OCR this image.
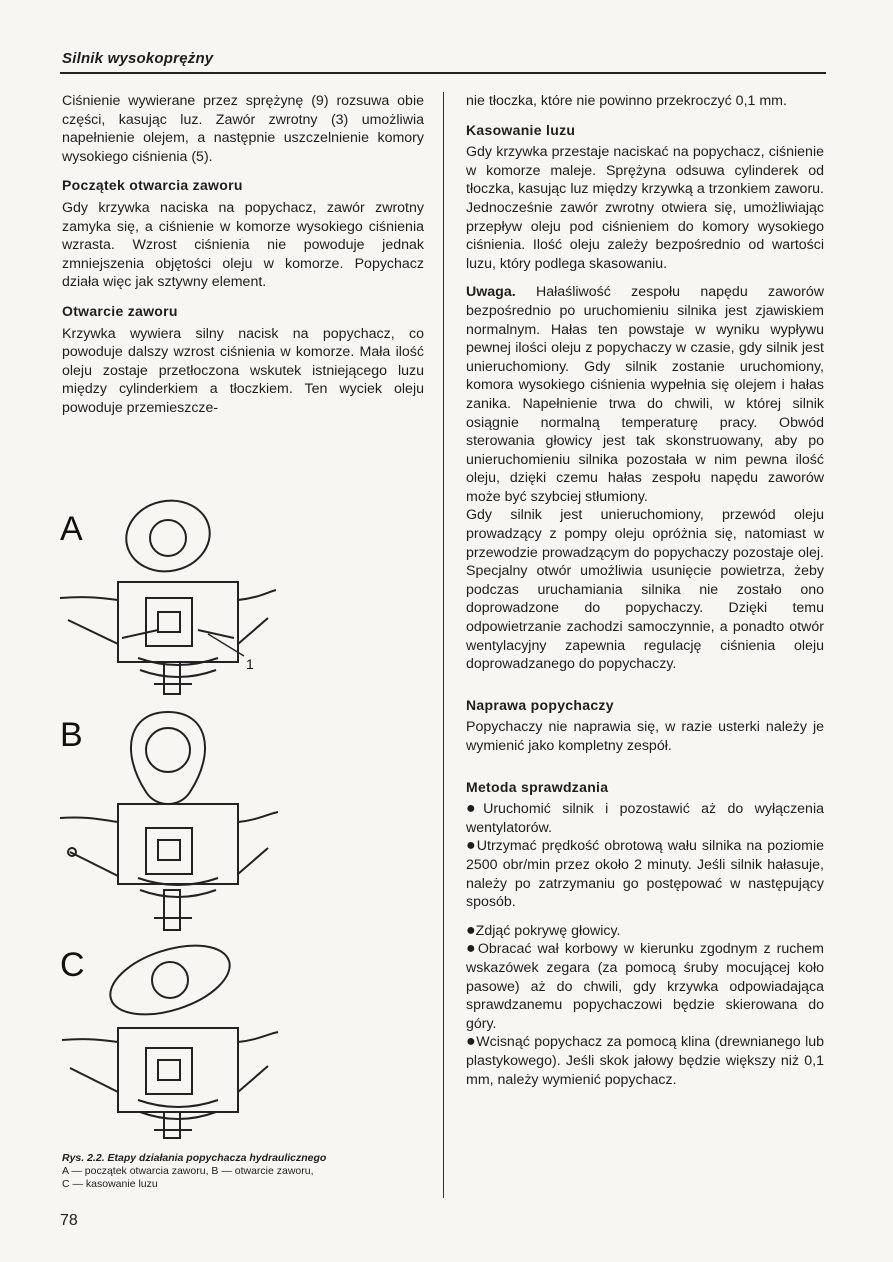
Silnik wysokoprężny

Ciśnienie wywierane przez sprężynę (9) rozsuwa obie części, kasując luz. Zawór zwrotny (3) umożliwia napełnienie olejem, a następnie uszczelnienie komory wysokiego ciśnienia (5).

Początek otwarcia zaworu

Gdy krzywka naciska na popychacz, zawór zwrotny zamyka się, a ciśnienie w komorze wysokiego ciśnienia wzrasta. Wzrost ciśnienia nie powoduje jednak zmniejszenia objętości oleju w komorze. Popychacz działa więc jak sztywny element.

Otwarcie zaworu

Krzywka wywiera silny nacisk na popychacz, co powoduje dalszy wzrost ciśnienia w komorze. Mała ilość oleju zostaje przetłoczona wskutek istniejącego luzu między cylinderkiem a tłoczkiem. Ten wyciek oleju powoduje przemieszcze-

A
B
C
1
Rys. 2.2. Etapy działania popychacza hydraulicznego
A — początek otwarcia zaworu, B — otwarcie zaworu,
C — kasowanie luzu

nie tłoczka, które nie powinno przekroczyć 0,1 mm.

Kasowanie luzu

Gdy krzywka przestaje naciskać na popychacz, ciśnienie w komorze maleje. Sprężyna odsuwa cylinderek od tłoczka, kasując luz między krzywką a trzonkiem zaworu. Jednocześnie zawór zwrotny otwiera się, umożliwiając przepływ oleju pod ciśnieniem do komory wysokiego ciśnienia. Ilość oleju zależy bezpośrednio od wartości luzu, który podlega skasowaniu.

Uwaga. Hałaśliwość zespołu napędu zaworów bezpośrednio po uruchomieniu silnika jest zjawiskiem normalnym. Hałas ten powstaje w wyniku wypływu pewnej ilości oleju z popychaczy w czasie, gdy silnik jest unieruchomiony. Gdy silnik zostanie uruchomiony, komora wysokiego ciśnienia wypełnia się olejem i hałas zanika. Napełnienie trwa do chwili, w której silnik osiągnie normalną temperaturę pracy. Obwód sterowania głowicy jest tak skonstruowany, aby po unieruchomieniu silnika pozostała w nim pewna ilość oleju, dzięki czemu hałas zespołu napędu zaworów może być szybciej stłumiony.

Gdy silnik jest unieruchomiony, przewód oleju prowadzący z pompy oleju opróżnia się, natomiast w przewodzie prowadzącym do popychaczy pozostaje olej. Specjalny otwór umożliwia usunięcie powietrza, żeby podczas uruchamiania silnika nie zostało ono doprowadzone do popychaczy. Dzięki temu odpowietrzanie zachodzi samoczynnie, a ponadto otwór wentylacyjny zapewnia regulację ciśnienia oleju doprowadzanego do popychaczy.

Naprawa popychaczy

Popychaczy nie naprawia się, w razie usterki należy je wymienić jako kompletny zespół.

Metoda sprawdzania
●Uruchomić silnik i pozostawić aż do wyłączenia wentylatorów.
●Utrzymać prędkość obrotową wału silnika na poziomie 2500 obr/min przez około 2 minuty. Jeśli silnik hałasuje, należy po zatrzymaniu go postępować w następujący sposób.
●Zdjąć pokrywę głowicy.
●Obracać wał korbowy w kierunku zgodnym z ruchem wskazówek zegara (za pomocą śruby mocującej koło pasowe) aż do chwili, gdy krzywka odpowiadająca sprawdzanemu popychaczowi będzie skierowana do góry.
●Wcisnąć popychacz za pomocą klina (drewnianego lub plastykowego). Jeśli skok jałowy będzie większy niż 0,1 mm, należy wymienić popychacz.
78
